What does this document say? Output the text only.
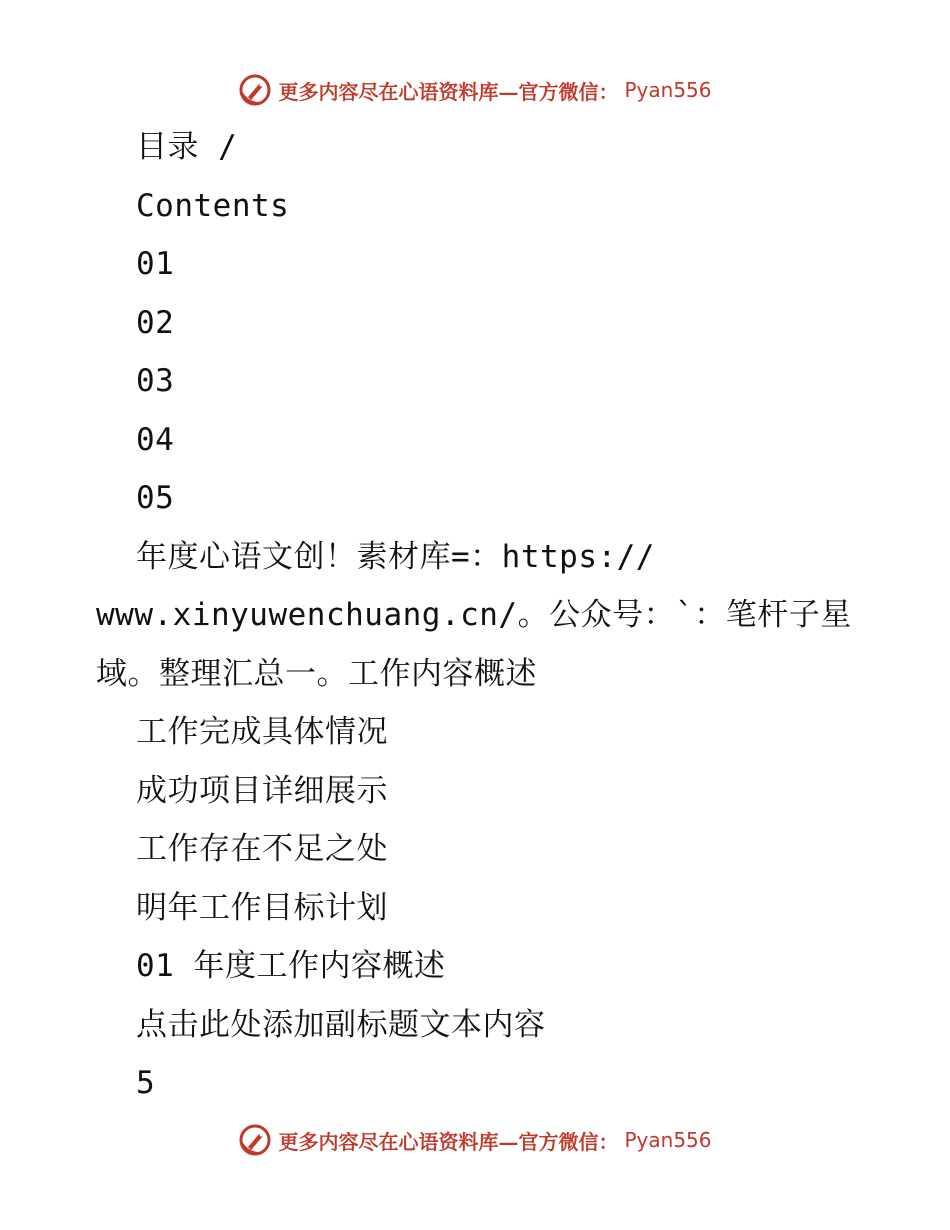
更多内容尽在心语资料库—官方微信： Pyan556
目录 /
Contents
01
02
03
04
05
年度心语文创！素材库=：https://
www.xinyuwenchuang.cn/。公众号：`：笔杆子星
域。整理汇总一。工作内容概述
工作完成具体情况
成功项目详细展示
工作存在不足之处
明年工作目标计划
01 年度工作内容概述
点击此处添加副标题文本内容
5
更多内容尽在心语资料库—官方微信： Pyan556
